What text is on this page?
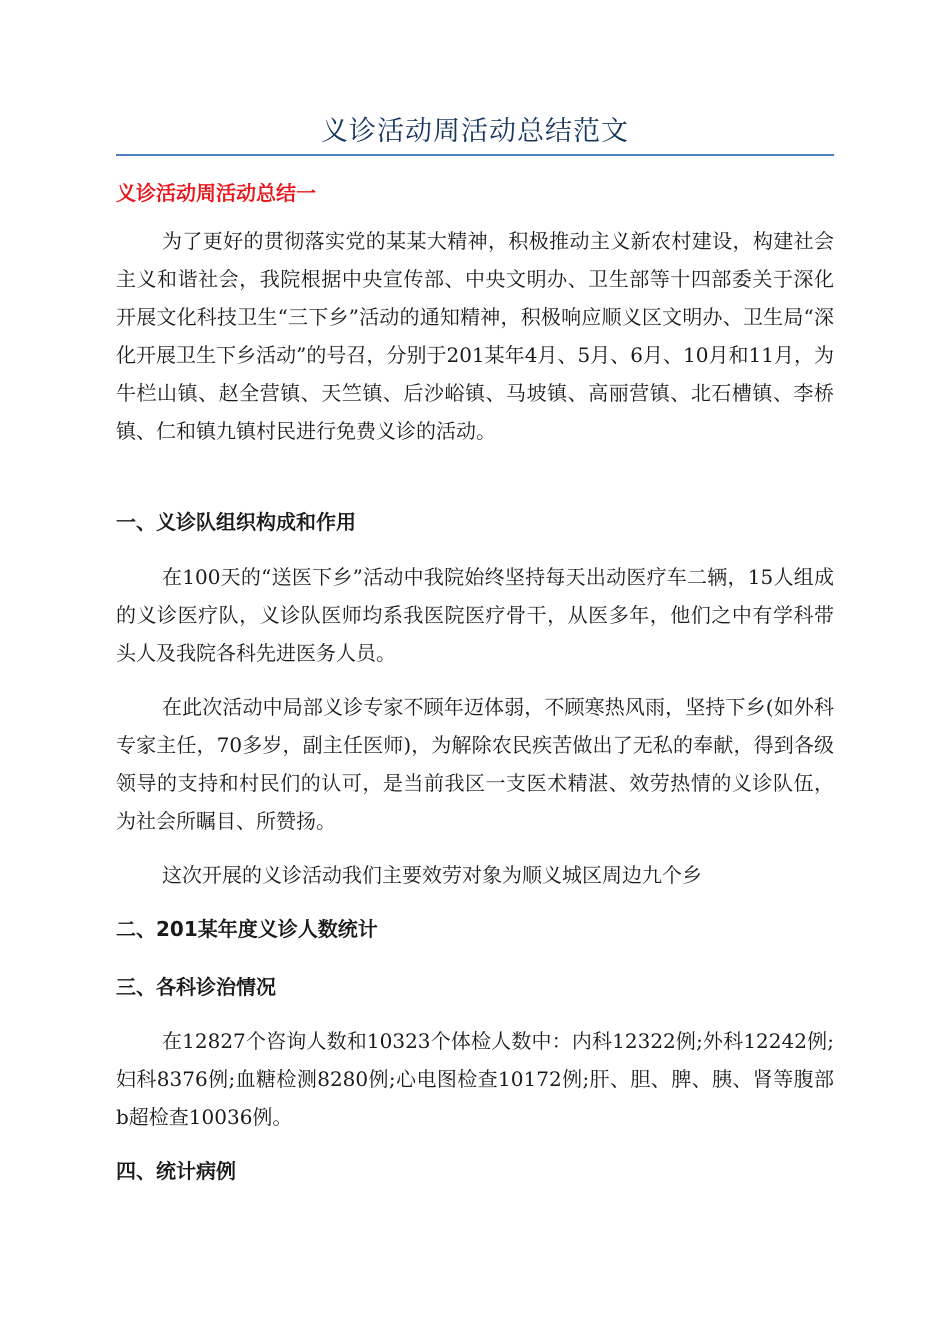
义诊活动周活动总结范文
义诊活动周活动总结一

为了更好的贯彻落实党的某某大精神，积极推动主义新农村建设，构建社会主义和谐社会，我院根据中央宣传部、中央文明办、卫生部等十四部委关于深化开展文化科技卫生“三下乡”活动的通知精神，积极响应顺义区文明办、卫生局“深化开展卫生下乡活动”的号召，分别于201某年4月、5月、6月、10月和11月，为牛栏山镇、赵全营镇、天竺镇、后沙峪镇、马坡镇、高丽营镇、北石槽镇、李桥镇、仁和镇九镇村民进行免费义诊的活动。

一、义诊队组织构成和作用

在100天的“送医下乡”活动中我院始终坚持每天出动医疗车二辆，15人组成的义诊医疗队，义诊队医师均系我医院医疗骨干，从医多年，他们之中有学科带头人及我院各科先进医务人员。

在此次活动中局部义诊专家不顾年迈体弱，不顾寒热风雨，坚持下乡(如外科专家主任，70多岁，副主任医师)，为解除农民疾苦做出了无私的奉献，得到各级领导的支持和村民们的认可，是当前我区一支医术精湛、效劳热情的义诊队伍，为社会所瞩目、所赞扬。

这次开展的义诊活动我们主要效劳对象为顺义城区周边九个乡

二、201某年度义诊人数统计
三、各科诊治情况

在12827个咨询人数和10323个体检人数中：内科12322例;外科12242例;妇科8376例;血糖检测8280例;心电图检查10172例;肝、胆、脾、胰、肾等腹部b超检查10036例。

四、统计病例
